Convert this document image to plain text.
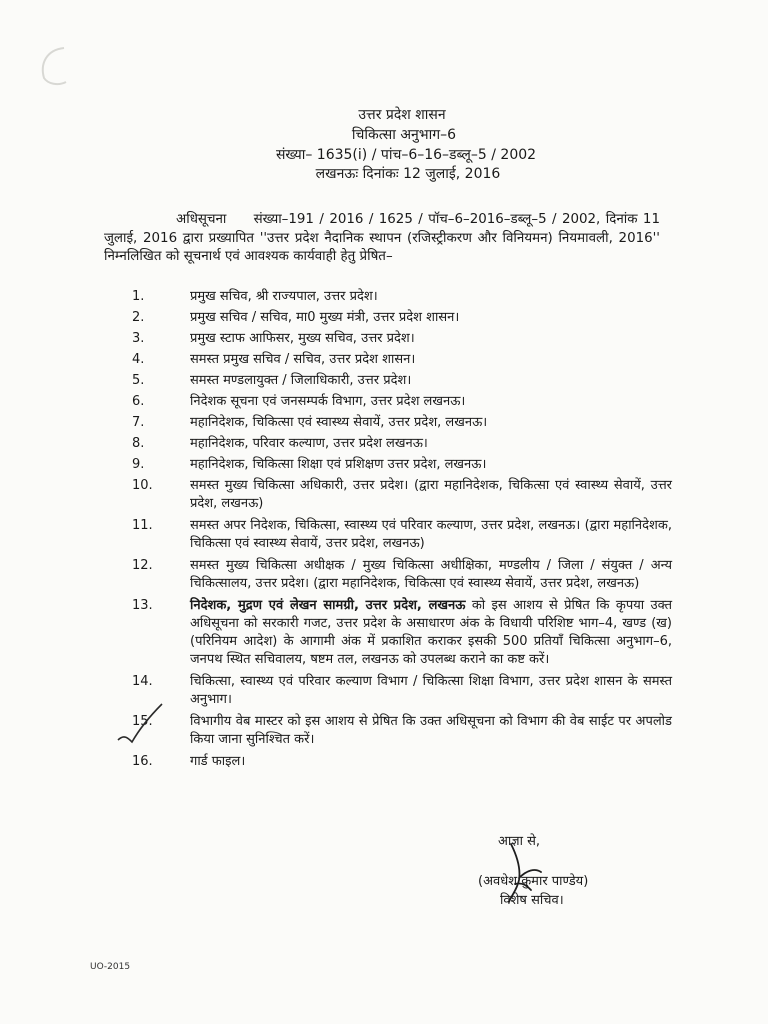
उत्तर प्रदेश शासन
चिकित्सा अनुभाग–6
संख्या– 1635(i) / पांच–6–16–डब्लू–5 / 2002
लखनऊः दिनांकः 12 जुलाई, 2016

अधिसूचना संख्या–191 / 2016 / 1625 / पॉच–6–2016–डब्लू–5 / 2002, दिनांक 11 जुलाई, 2016 द्वारा प्रख्यापित ''उत्तर प्रदेश नैदानिक स्थापन (रजिस्ट्रीकरण और विनियमन) नियमावली, 2016'' निम्नलिखित को सूचनार्थ एवं आवश्यक कार्यवाही हेतु प्रेषित–

1.	प्रमुख सचिव, श्री राज्यपाल, उत्तर प्रदेश।
2.	प्रमुख सचिव / सचिव, मा0 मुख्य मंत्री, उत्तर प्रदेश शासन।
3.	प्रमुख स्टाफ आफिसर, मुख्य सचिव, उत्तर प्रदेश।
4.	समस्त प्रमुख सचिव / सचिव, उत्तर प्रदेश शासन।
5.	समस्त मण्डलायुक्त / जिलाधिकारी, उत्तर प्रदेश।
6.	निदेशक सूचना एवं जनसम्पर्क विभाग, उत्तर प्रदेश लखनऊ।
7.	महानिदेशक, चिकित्सा एवं स्वास्थ्य सेवायें, उत्तर प्रदेश, लखनऊ।
8.	महानिदेशक, परिवार कल्याण, उत्तर प्रदेश लखनऊ।
9.	महानिदेशक, चिकित्सा शिक्षा एवं प्रशिक्षण उत्तर प्रदेश, लखनऊ।
10.	समस्त मुख्य चिकित्सा अधिकारी, उत्तर प्रदेश। (द्वारा महानिदेशक, चिकित्सा एवं स्वास्थ्य सेवायें, उत्तर प्रदेश, लखनऊ)
11.	समस्त अपर निदेशक, चिकित्सा, स्वास्थ्य एवं परिवार कल्याण, उत्तर प्रदेश, लखनऊ। (द्वारा महानिदेशक, चिकित्सा एवं स्वास्थ्य सेवायें, उत्तर प्रदेश, लखनऊ)
12.	समस्त मुख्य चिकित्सा अधीक्षक / मुख्य चिकित्सा अधीक्षिका, मण्डलीय / जिला / संयुक्त / अन्य चिकित्सालय, उत्तर प्रदेश। (द्वारा महानिदेशक, चिकित्सा एवं स्वास्थ्य सेवायें, उत्तर प्रदेश, लखनऊ)
13.	निदेशक, मुद्रण एवं लेखन सामग्री, उत्तर प्रदेश, लखनऊ को इस आशय से प्रेषित कि कृपया उक्त अधिसूचना को सरकारी गजट, उत्तर प्रदेश के असाधारण अंक के विधायी परिशिष्ट भाग–4, खण्ड (ख) (परिनियम आदेश) के आगामी अंक में प्रकाशित कराकर इसकी 500 प्रतियाँ चिकित्सा अनुभाग–6, जनपथ स्थित सचिवालय, षष्टम तल, लखनऊ को उपलब्ध कराने का कष्ट करें।
14.	चिकित्सा, स्वास्थ्य एवं परिवार कल्याण विभाग / चिकित्सा शिक्षा विभाग, उत्तर प्रदेश शासन के समस्त अनुभाग।
15.	विभागीय वेब मास्टर को इस आशय से प्रेषित कि उक्त अधिसूचना को विभाग की वेब साईट पर अपलोड किया जाना सुनिश्चित करें।
16.	गार्ड फाइल।
आज्ञा से,
(अवधेश कुमार पाण्डेय)
विशेष सचिव।
UO-2015
